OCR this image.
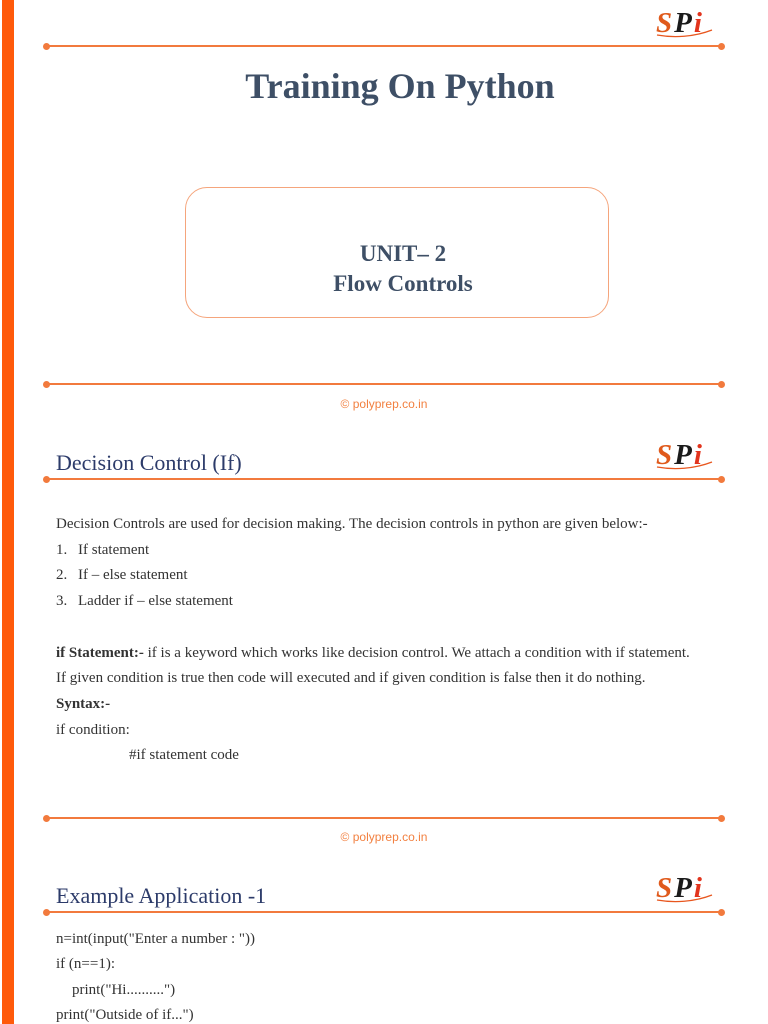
SPi
Training On Python
UNIT– 2
Flow Controls
© polyprep.co.in
Decision Control (If)	SPi
Decision Controls are used for decision making. The decision controls in python are given below:-
1. If statement
2. If – else statement
3. Ladder if – else statement
if Statement:- if is a keyword which works like decision control. We attach a condition with if statement.
If given condition is true then code will executed and if given condition is false then it do nothing.
Syntax:-
if condition:
#if statement code
© polyprep.co.in
Example Application -1	SPi
n=int(input("Enter a number : "))
if (n==1):
print("Hi..........")
print("Outside of if...")
